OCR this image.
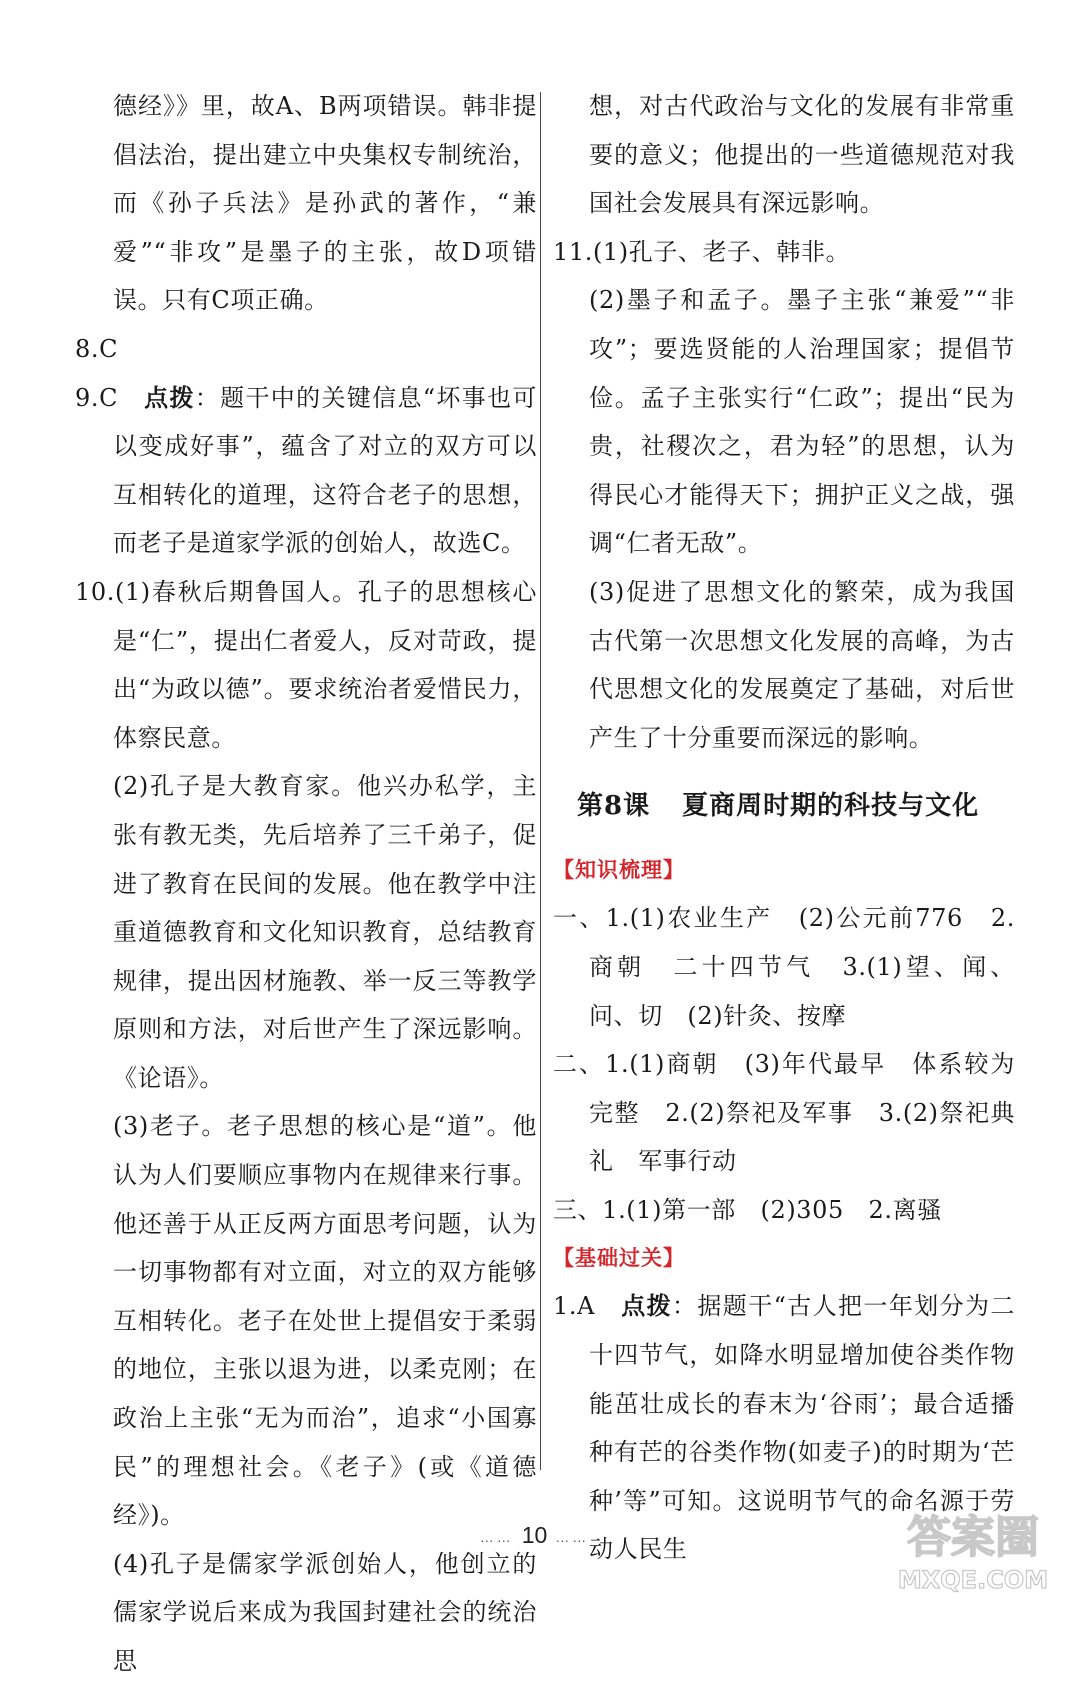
德经》》里，故A、B两项错误。韩非提倡法治，提出建立中央集权专制统治，而《孙子兵法》是孙武的著作，“兼爱”“非攻”是墨子的主张，故D项错误。只有C项正确。

8.C

9.C　点拨：题干中的关键信息“坏事也可以变成好事”，蕴含了对立的双方可以互相转化的道理，这符合老子的思想，而老子是道家学派的创始人，故选C。

10.(1)春秋后期鲁国人。孔子的思想核心是“仁”，提出仁者爱人，反对苛政，提出“为政以德”。要求统治者爱惜民力，体察民意。

(2)孔子是大教育家。他兴办私学，主张有教无类，先后培养了三千弟子，促进了教育在民间的发展。他在教学中注重道德教育和文化知识教育，总结教育规律，提出因材施教、举一反三等教学原则和方法，对后世产生了深远影响。《论语》。

(3)老子。老子思想的核心是“道”。他认为人们要顺应事物内在规律来行事。他还善于从正反两方面思考问题，认为一切事物都有对立面，对立的双方能够互相转化。老子在处世上提倡安于柔弱的地位，主张以退为进，以柔克刚；在政治上主张“无为而治”，追求“小国寡民”的理想社会。《老子》(或《道德经》)。

(4)孔子是儒家学派创始人，他创立的儒家学说后来成为我国封建社会的统治思

想，对古代政治与文化的发展有非常重要的意义；他提出的一些道德规范对我国社会发展具有深远影响。

11.(1)孔子、老子、韩非。

(2)墨子和孟子。墨子主张“兼爱”“非攻”；要选贤能的人治理国家；提倡节俭。孟子主张实行“仁政”；提出“民为贵，社稷次之，君为轻”的思想，认为得民心才能得天下；拥护正义之战，强调“仁者无敌”。

(3)促进了思想文化的繁荣，成为我国古代第一次思想文化发展的高峰，为古代思想文化的发展奠定了基础，对后世产生了十分重要而深远的影响。

第8课 夏商周时期的科技与文化

【知识梳理】

一、1.(1)农业生产　(2)公元前776　2.商朝　二十四节气　3.(1)望、闻、问、切　(2)针灸、按摩

二、1.(1)商朝　(3)年代最早　体系较为完整　2.(2)祭祀及军事　3.(2)祭祀典礼　军事行动

三、1.(1)第一部　(2)305　2.离骚

【基础过关】

1.A　点拨：据题干“古人把一年划分为二十四节气，如降水明显增加使谷类作物能茁壮成长的春末为‘谷雨’；最合适播种有芒的谷类作物(如麦子)的时期为‘芒种’等”可知。这说明节气的命名源于劳动人民生

…… 10 ……	答案圈
MXQE.COM
